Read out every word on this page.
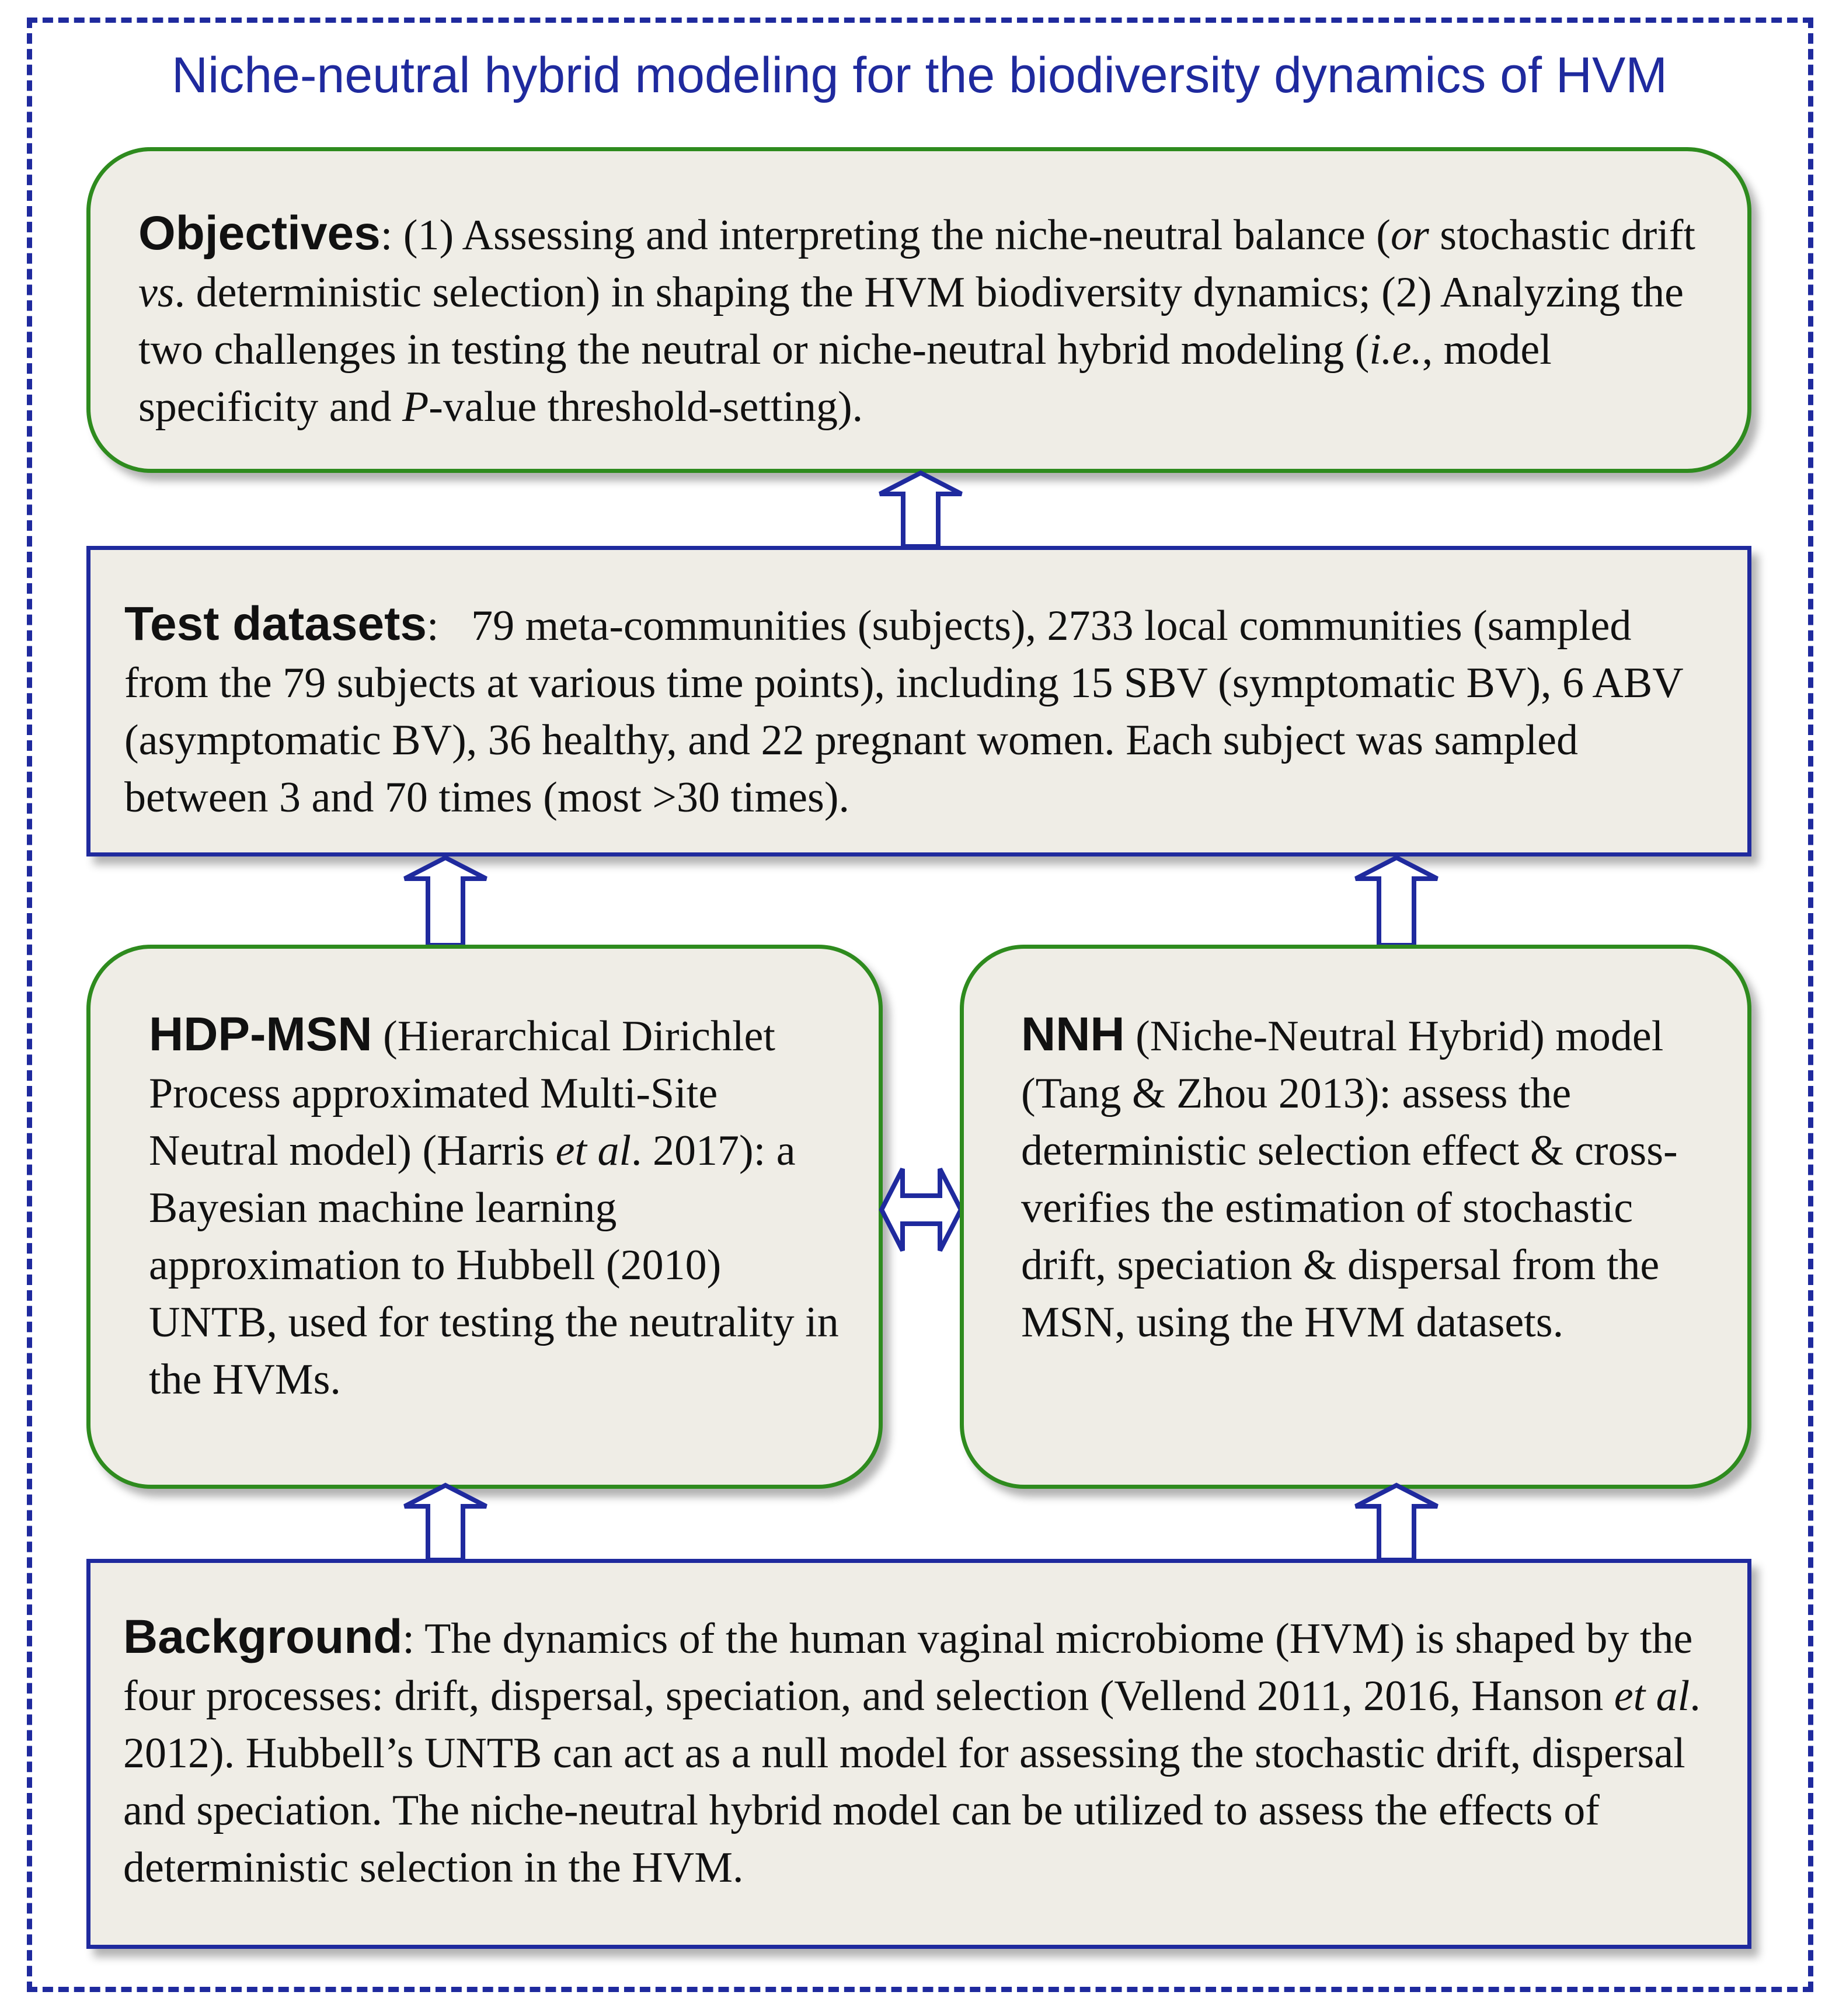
Niche-neutral hybrid modeling for the biodiversity dynamics of HVM

Objectives: (1) Assessing and interpreting the niche-neutral balance (or stochastic drift vs. deterministic selection) in shaping the HVM biodiversity dynamics; (2) Analyzing the two challenges in testing the neutral or niche-neutral hybrid modeling (i.e., model specificity and P-value threshold-setting).

Test datasets: 79 meta-communities (subjects), 2733 local communities (sampled from the 79 subjects at various time points), including 15 SBV (symptomatic BV), 6 ABV (asymptomatic BV), 36 healthy, and 22 pregnant women. Each subject was sampled between 3 and 70 times (most >30 times).

HDP-MSN (Hierarchical Dirichlet Process approximated Multi-Site Neutral model) (Harris et al. 2017): a Bayesian machine learning approximation to Hubbell (2010) UNTB, used for testing the neutrality in the HVMs.

NNH (Niche-Neutral Hybrid) model (Tang & Zhou 2013): assess the deterministic selection effect & cross-verifies the estimation of stochastic drift, speciation & dispersal from the MSN, using the HVM datasets.

Background: The dynamics of the human vaginal microbiome (HVM) is shaped by the four processes: drift, dispersal, speciation, and selection (Vellend 2011, 2016, Hanson et al. 2012). Hubbell’s UNTB can act as a null model for assessing the stochastic drift, dispersal and speciation. The niche-neutral hybrid model can be utilized to assess the effects of deterministic selection in the HVM.
